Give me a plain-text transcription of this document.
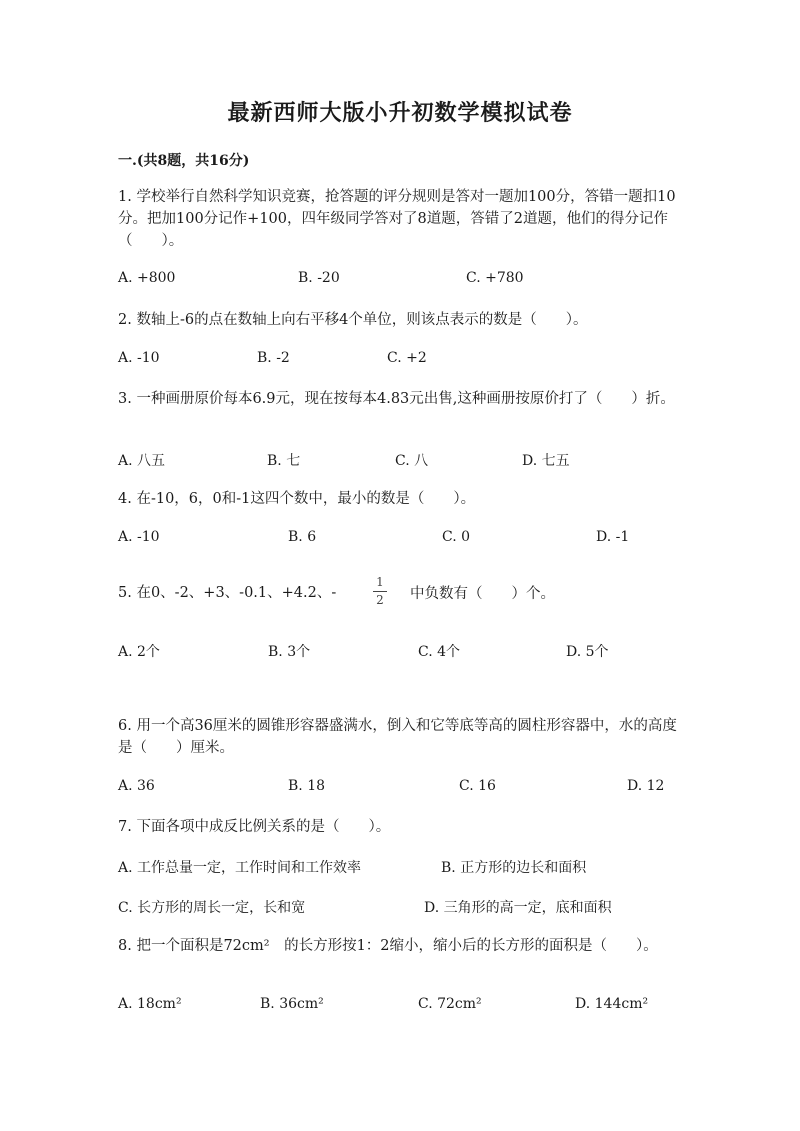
最新西师大版小升初数学模拟试卷
一.(共8题，共16分)
1. 学校举行自然科学知识竞赛，抢答题的评分规则是答对一题加100分，答错一题扣10分。把加100分记作+100，四年级同学答对了8道题，答错了2道题，他们的得分记作（　　）。
A. +800	B. -20	C. +780
2. 数轴上-6的点在数轴上向右平移4个单位，则该点表示的数是（　　）。
A. -10	B. -2	C. +2
3. 一种画册原价每本6.9元，现在按每本4.83元出售,这种画册按原价打了（　　）折。
A. 八五	B. 七	C. 八	D. 七五
4. 在-10，6，0和-1这四个数中，最小的数是（　　）。
A. -10	B. 6	C. 0	D. -1
5. 在0、-2、+3、-0.1、+4.2、-
1
2 中负数有（　　）个。
A. 2个	B. 3个	C. 4个	D. 5个
6. 用一个高36厘米的圆锥形容器盛满水，倒入和它等底等高的圆柱形容器中，水的高度是（　　）厘米。
A. 36	B. 18	C. 16	D. 12
7. 下面各项中成反比例关系的是（　　）。
A. 工作总量一定，工作时间和工作效率	B. 正方形的边长和面积
C. 长方形的周长一定，长和宽	D. 三角形的高一定，底和面积
8. 把一个面积是72cm²　的长方形按1：2缩小，缩小后的长方形的面积是（　　）。
A. 18cm²	B. 36cm²	C. 72cm²	D. 144cm²
